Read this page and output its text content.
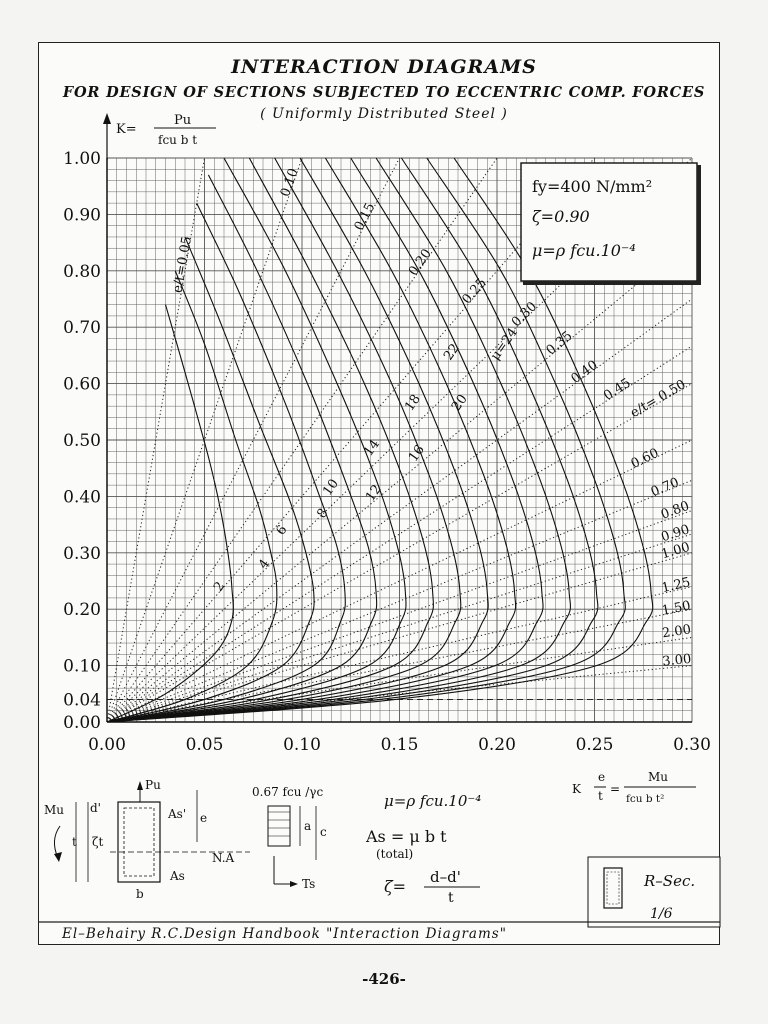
INTERACTION DIAGRAMS
FOR DESIGN OF SECTIONS SUBJECTED TO ECCENTRIC COMP. FORCES
( Uniformly Distributed Steel )
0.00	0.05	0.10	0.15	0.20	0.25	0.30
1.00
0.90
0.80
0.70
0.60
0.50
0.40
0.30
0.20
0.10
0.04
0.00
e/t=0.05
0.10
0.15
0.20
0.25
0.30
0.35
0.40
0.45
e/t= 0.50
0.60
0.70
0.80
0.90
1.00
1.25
1.50
2.00
3.00
2
4
6
8
10 12
14 16
18 20
22 μ=24
K=
Pu
fcu b t
fy=400 N/mm²
ζ=0.90
μ=ρ fcu.10⁻⁴
Pu
Mu d'
t ζt
As'
As
e
b
N.A
0.67 fcu /γc
a c
Ts
μ=ρ fcu.10⁻⁴
As = μ b t
(total)
ζ= d–d'
t
K
e
t =
Mu
fcu b t²
R–Sec.
1/6
El–Behairy R.C.Design Handbook "Interaction Diagrams"
-426-
